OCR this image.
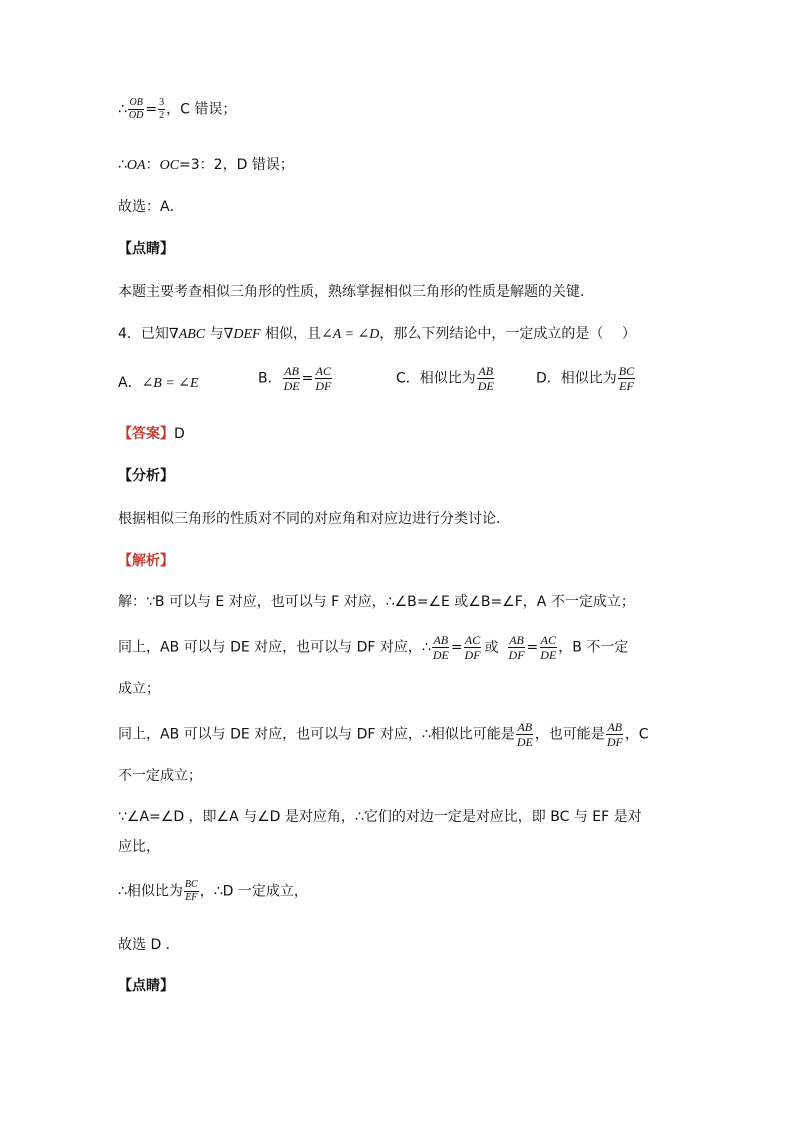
∴ $\frac{OB}{OD} = \frac{3}{2}$ ，C 错误；
∴OA：OC=3：2，D 错误；
故选：A．
【点睛】
本题主要考查相似三角形的性质，熟练掌握相似三角形的性质是解题的关键．
4．已知∇ABC 与∇DEF 相似，且∠A = ∠D，那么下列结论中，一定成立的是（　 ）
A．∠B = ∠E	B． $\frac{AB}{DE} = \frac{AC}{DF}$	C．相似比为 $\frac{AB}{DE}$	D．相似比为 $\frac{BC}{EF}$
【答案】D
【分析】
根据相似三角形的性质对不同的对应角和对应边进行分类讨论．
【解析】
解：∵B 可以与 E 对应，也可以与 F 对应，∴∠B=∠E 或∠B=∠F，A 不一定成立；
同上，AB 可以与 DE 对应，也可以与 DF 对应，∴ $\frac{AB}{DE} = \frac{AC}{DF}$ 或 $\frac{AB}{DF} = \frac{AC}{DE}$ ，B 不一定
成立；
同上，AB 可以与 DE 对应，也可以与 DF 对应，∴相似比可能是 $\frac{AB}{DE}$ ，也可能是 $\frac{AB}{DF}$ ，C
不一定成立；
∵∠A=∠D ，即∠A 与∠D 是对应角，∴它们的对边一定是对应比，即 BC 与 EF 是对
应比，
∴相似比为 $\frac{BC}{EF}$ ，∴D 一定成立，
故选 D ．
【点睛】
